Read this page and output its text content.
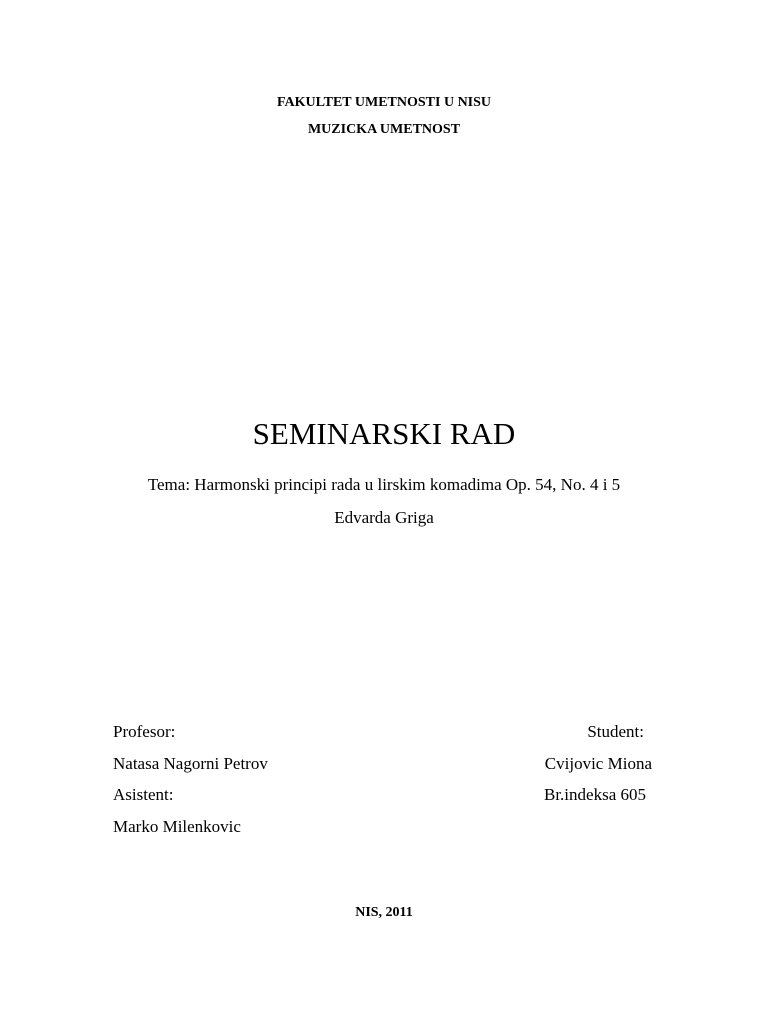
FAKULTET UMETNOSTI U NISU
MUZICKA UMETNOST
SEMINARSKI RAD
Tema: Harmonski principi rada u lirskim komadima Op. 54, No. 4 i 5
Edvarda Griga
Profesor:
Natasa Nagorni Petrov
Asistent:
Marko Milenkovic
Student:
Cvijovic Miona
Br.indeksa 605
NIS, 2011
